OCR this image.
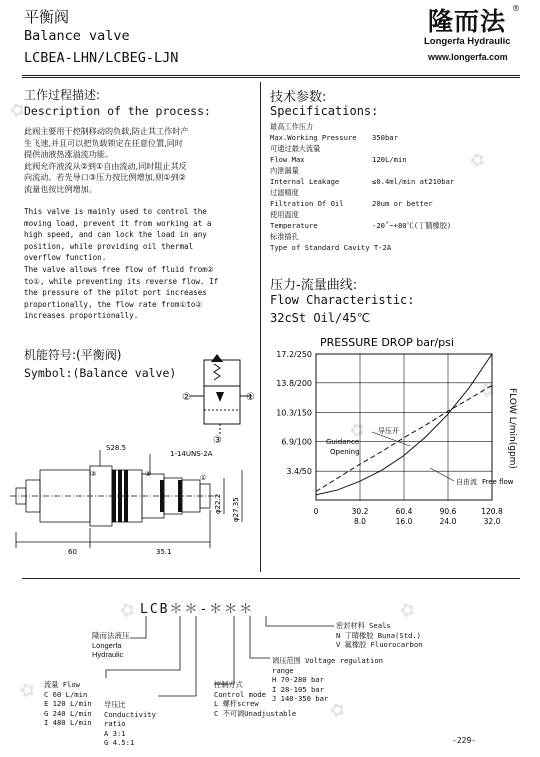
✿
✿
✿
✿
✿
✿
✿
✿
平衡阀
Balance valve
LCBEA-LHN/LCBEG-LJN
隆而法 ®
Longerfa Hydraulic
www.longerfa.com
工作过程描述:
Description of the process:
此阀主要用于控制移动的负载,防止其工作时产
生飞速,并且可以把负载锁定在任意位置,同时
提供油液热涨溢流功能。
此阀允许液流从②到①自由流动,同时阻止其反
向流动。若先导口③压力按比例增加,则①到②
流量也按比例增加。
This valve is mainly used to control the
moving load, prevent it from working at a
high speed, and can lock the load in any
position, while providing oil thermal
overflow function.
The valve allows free flow of fluid from②
to①, while preventing its reverse flow. If
the pressure of the pilot port increases
proportionally, the flow rate from①to②
increases proportionally.
机能符号:(平衡阀)
Symbol:(Balance valve)
②	①
③
S28.5
1-14UNS-2A
③	②	①
φ22.2 φ27.35
60	35.1
技术参数:
Specifications:
最高工作压力
Max.Working Pressure 350bar
可通过最大流量
Flow Max	120L/min
内泄漏量
Internal Leakage	≤0.4ml/min at210bar
过滤精度
Filtration Of Oil	20um or better
使用温度
Temperature	-20˚~+80℃(丁腈橡胶)
标准插孔
Type of Standard Cavity T-2A
压力-流量曲线:
Flow Characteristic:
32cSt Oil/45℃
PRESSURE DROP bar/psi
FLOW L/min(gpm)
0	30.2
8.0
60.4
16.0
90.6
24.0
120.8
32.0
3.4/50
6.9/100
10.3/150
13.8/200
17.2/250
导压开
Guidance
Opening
自由流 Free flow
LCB＊＊-＊＊＊
隆而法液压
Longerfa
Hydraulic
流量 Flow
C 60 L/min
E 120 L/min
G 240 L/min
I 480 L/min
导压比
Conductivity
ratio
A 3:1
G 4.5:1
控制方式
Control mode
L 螺杆screw
C 不可调Unadjustable
调压范围 Voltage regulation
range
H 70-280 bar
I 28-105 bar
J 140-350 bar
密封材料 Seals
N 丁睛橡胶 Buna(Std.)
V 氟橡胶 Fluorocarbon
-229-
